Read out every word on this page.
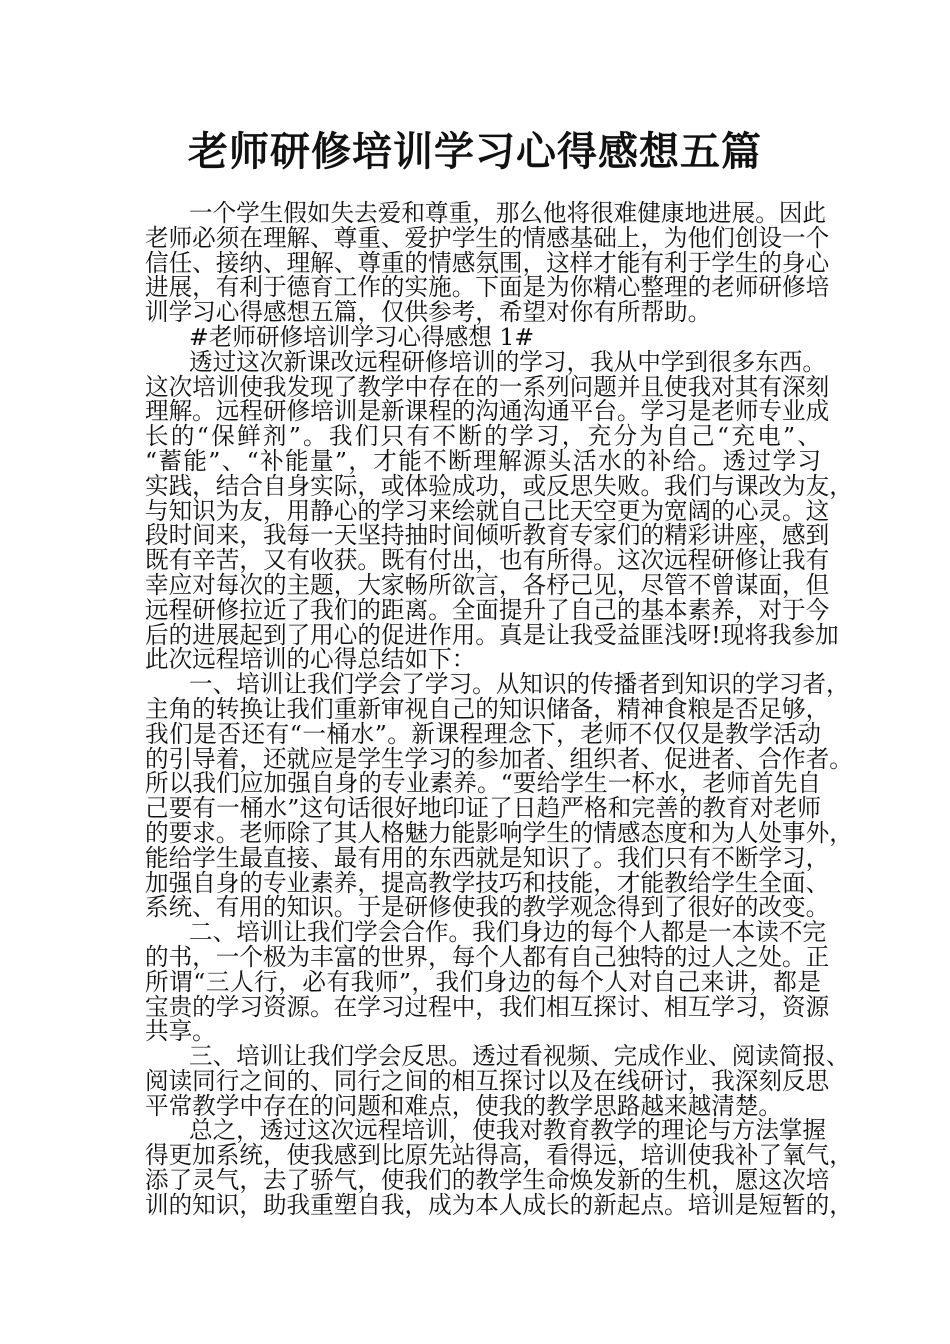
老师研修培训学习心得感想五篇
一个学生假如失去爱和尊重，那么他将很难健康地进展。因此
老师必须在理解、尊重、爱护学生的情感基础上，为他们创设一个
信任、接纳、理解、尊重的情感氛围，这样才能有利于学生的身心
进展，有利于德育工作的实施。下面是为你精心整理的老师研修培
训学习心得感想五篇，仅供参考，希望对你有所帮助。
#老师研修培训学习心得感想 1#
透过这次新课改远程研修培训的学习，我从中学到很多东西。
这次培训使我发现了教学中存在的一系列问题并且使我对其有深刻
理解。远程研修培训是新课程的沟通沟通平台。学习是老师专业成
长的“保鲜剂”。我们只有不断的学习，充分为自己“充电”、
“蓄能”、“补能量”，才能不断理解源头活水的补给。透过学习
实践，结合自身实际，或体验成功，或反思失败。我们与课改为友，
与知识为友，用静心的学习来绘就自己比天空更为宽阔的心灵。这
段时间来，我每一天坚持抽时间倾听教育专家们的精彩讲座，感到
既有辛苦，又有收获。既有付出，也有所得。这次远程研修让我有
幸应对每次的主题，大家畅所欲言，各杼己见，尽管不曾谋面，但
远程研修拉近了我们的距离。全面提升了自己的基本素养，对于今
后的进展起到了用心的促进作用。真是让我受益匪浅呀!现将我参加
此次远程培训的心得总结如下：
一、培训让我们学会了学习。从知识的传播者到知识的学习者，
主角的转换让我们重新审视自己的知识储备，精神食粮是否足够，
我们是否还有“一桶水”。新课程理念下，老师不仅仅是教学活动
的引导着，还就应是学生学习的参加者、组织者、促进者、合作者。
所以我们应加强自身的专业素养。“要给学生一杯水，老师首先自
己要有一桶水”这句话很好地印证了日趋严格和完善的教育对老师
的要求。老师除了其人格魅力能影响学生的情感态度和为人处事外，
能给学生最直接、最有用的东西就是知识了。我们只有不断学习，
加强自身的专业素养，提高教学技巧和技能，才能教给学生全面、
系统、有用的知识。于是研修使我的教学观念得到了很好的改变。
二、培训让我们学会合作。我们身边的每个人都是一本读不完
的书，一个极为丰富的世界，每个人都有自己独特的过人之处。正
所谓“三人行，必有我师”，我们身边的每个人对自己来讲，都是
宝贵的学习资源。在学习过程中，我们相互探讨、相互学习，资源
共享。
三、培训让我们学会反思。透过看视频、完成作业、阅读简报、
阅读同行之间的、同行之间的相互探讨以及在线研讨，我深刻反思
平常教学中存在的问题和难点，使我的教学思路越来越清楚。
总之，透过这次远程培训，使我对教育教学的理论与方法掌握
得更加系统，使我感到比原先站得高，看得远，培训使我补了氧气，
添了灵气，去了骄气，使我们的教学生命焕发新的生机，愿这次培
训的知识，助我重塑自我，成为本人成长的新起点。培训是短暂的，
